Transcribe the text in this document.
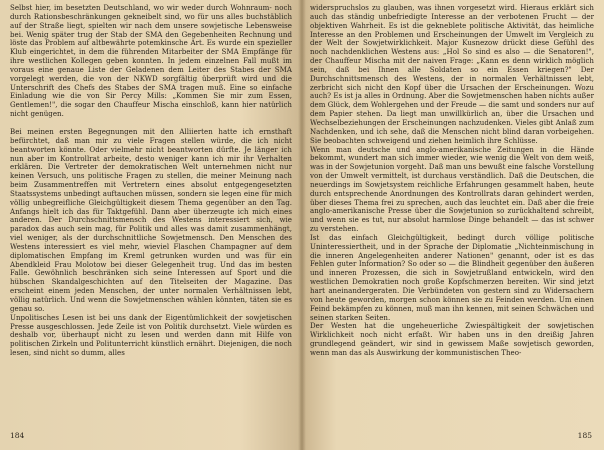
Selbst hier, im besetzten Deutschland, wo wir weder durch Wohnraum- noch durch Rationsbeschränkungen gekneibelt sind, wo für uns alles buchstäblich auf der Straße liegt, spielten wir nach dem unsere sowjetische Lebensweise bei. Wenig später trug der Stab der SMA den Gegebenheiten Rechnung und löste das Problem auf altbewährte potemkinsche Art. Es wurde ein spezieller Klub eingerichtet, in dem die führenden Mitarbeiter der SMA Empfänge für ihre westlichen Kollegen geben konnten. In jedem einzelnen Fall mußt im voraus eine genaue Liste der Geladenen dem Leiter des Stabes der SMA vorgelegt werden, die von der NKWD sorgfältig überprüft wird und die Unterschrift des Chefs des Stabes der SMA tragen muß. Eine so einfache Einladung wie die von Sir Percy Mills: „Kommen Sie mir zum Essen, Gentlemen!", die sogar den Chauffeur Mischa einschloß, kann hier natürlich nicht genügen.

Bei meinen ersten Begegnungen mit den Alliierten hatte ich ernsthaft befürchtet, daß man mir zu viele Fragen stellen würde, die ich nicht beantworten könnte. Oder vielmehr nicht beantworten dürfte. Je länger ich nun aber im Kontrollrat arbeite, desto weniger kann ich mir ihr Verhalten erklären. Die Vertreter der demokratischen Welt unternehmen nicht nur keinen Versuch, uns politische Fragen zu stellen, die meiner Meinung nach beim Zusammentreffen mit Vertretern eines absolut entgegengesetzten Staatssystems unbedingt auftauchen müssen, sondern sie legen eine für mich völlig unbegreifliche Gleichgültigkeit diesem Thema gegenüber an den Tag. Anfangs hielt ich das für Taktgefühl. Dann aber überzeugte ich mich eines anderen. Der Durchschnittsmensch des Westens interessiert sich, wie paradox das auch sein mag, für Politik und alles was damit zusammenhängt, viel weniger, als der durchschnittliche Sowjetmensch. Den Menschen des Westens interessiert es viel mehr, wieviel Flaschen Champagner auf dem diplomatischen Empfang im Kreml getrunken wurden und was für ein Abendkleid Frau Molotow bei dieser Gelegenheit trug. Und das im besten Falle. Gewöhnlich beschränken sich seine Interessen auf Sport und die hübschen Skandalgeschichten auf den Titelseiten der Magazine. Das erscheint einem jeden Menschen, der unter normalen Verhältnissen lebt, völlig natürlich. Und wenn die Sowjetmenschen wählen könnten, täten sie es genau so.

Unpolitisches Lesen ist bei uns dank der Eigentümlichkeit der sowjetischen Presse ausgeschlossen. Jede Zeile ist von Politik durchsetzt. Viele würden es deshalb vor, überhaupt nicht zu lesen und werden dann mit Hilfe von politischen Zirkeln und Politunterricht künstlich ernährt. Diejenigen, die noch lesen, sind nicht so dumm, alles

184

widerspruchslos zu glauben, was ihnen vorgesetzt wird. Hieraus erklärt sich auch das ständig unbefriedigte Interesse an der verbotenen Frucht — der objektiven Wahrheit. Es ist die gekneblete politische Aktivität, das heimliche Interesse an den Problemen und Erscheinungen der Umwelt im Vergleich zu der Welt der Sowjetwirklichkeit. Major Kusnezow drückt diese Gefühl des noch nachdenklichen Westens aus: „Hol So sind es also — die Senatoren!", der Chauffeur Mischa mit der naiven Frage: „Kann es denn wirklich möglich sein, daß bei Ihnen alle Soldaten so ein Essen kriegen?" Der Durchschnittsmensch des Westens, der in normalen Verhältnissen lebt, zerbricht sich nicht den Kopf über die Ursachen der Erscheinungen. Wozu auch? Es ist ja alles in Ordnung. Aber die Sowjetmenschen haben nichts außer dem Glück, dem Wohlergehen und der Freude — die samt und sonders nur auf dem Papier stehen. Da liegt man unwillkürlich an, über die Ursachen und Wechselbeziehungen der Erscheinungen nachzudenken. Vieles gibt Anlaß zum Nachdenken, und ich sehe, daß die Menschen nicht blind daran vorbeigehen. Sie beobachten schweigend und ziehen heimlich ihre Schlüsse.

Wenn man deutsche und anglo-amerikanische Zeitungen in die Hände bekommt, wundert man sich immer wieder, wie wenig die Welt von dem weiß, was in der Sowjetunion vorgeht. Daß man uns bewußt eine falsche Vorstellung von der Umwelt vermittelt, ist durchaus verständlich. Daß die Deutschen, die neuerdings im Sowjetsystem reichliche Erfahrungen gesammelt haben, heute durch entsprechende Anordnungen des Kontrollrats daran gehindert werden, über dieses Thema frei zu sprechen, auch das leuchtet ein. Daß aber die freie anglo-amerikanische Presse über die Sowjetunion so zurückhaltend schreibt, und wenn sie es tut, nur absolut harmlose Dinge behandelt — das ist schwer zu verstehen.

Ist das einfach Gleichgültigkeit, bedingt durch völlige politische Uninteressiertheit, und in der Sprache der Diplomatie „Nichteinmischung in die inneren Angelegenheiten anderer Nationen" genannt, oder ist es das Fehlen guter Information? So oder so — die Blindheit gegenüber den äußeren und inneren Prozessen, die sich in Sowjetrußland entwickeln, wird den westlichen Demokratien noch große Kopfschmerzen bereiten. Wir sind jetzt hart aneinandergeraten. Die Verbündeten von gestern sind zu Widersachern von heute geworden, morgen schon können sie zu Feinden werden. Um einen Feind bekämpfen zu können, muß man ihn kennen, mit seinen Schwächen und seinen starken Seiten.

Der Westen hat die ungeheuerliche Zwiespältigkeit der sowjetischen Wirklichkeit noch nicht erfaßt. Wir haben uns in den dreißig Jahren grundlegend geändert, wir sind in gewissem Maße sowjetisch geworden, wenn man das als Auswirkung der kommunistischen Theo-

185
